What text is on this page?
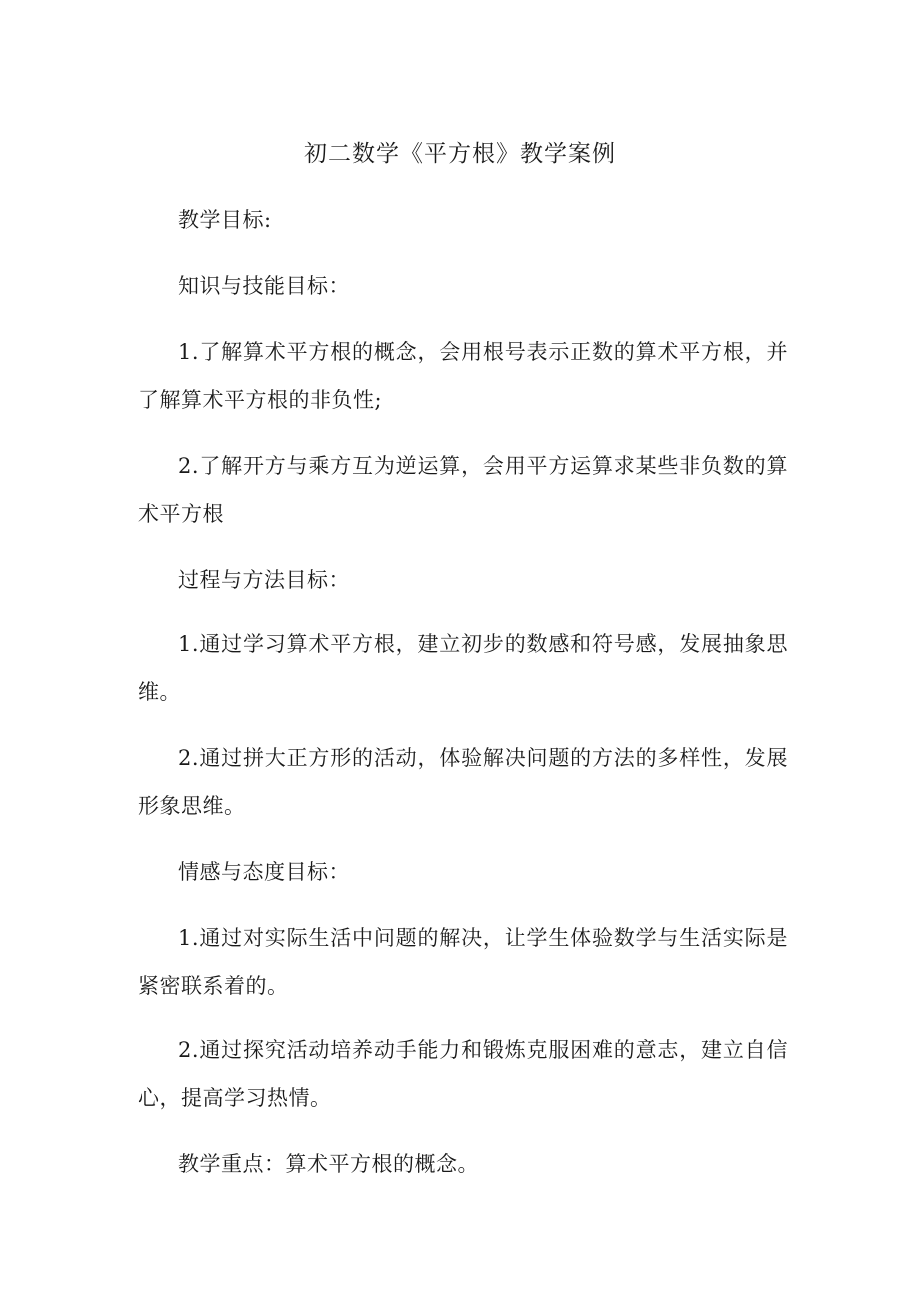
初二数学《平方根》教学案例

教学目标:

知识与技能目标：

1.了解算术平方根的概念，会用根号表示正数的算术平方根，并了解算术平方根的非负性;

2.了解开方与乘方互为逆运算，会用平方运算求某些非负数的算术平方根

过程与方法目标：

1.通过学习算术平方根，建立初步的数感和符号感，发展抽象思维。

2.通过拼大正方形的活动，体验解决问题的方法的多样性，发展形象思维。

情感与态度目标：

1.通过对实际生活中问题的解决，让学生体验数学与生活实际是紧密联系着的。

2.通过探究活动培养动手能力和锻炼克服困难的意志，建立自信心，提高学习热情。

教学重点：算术平方根的概念。
